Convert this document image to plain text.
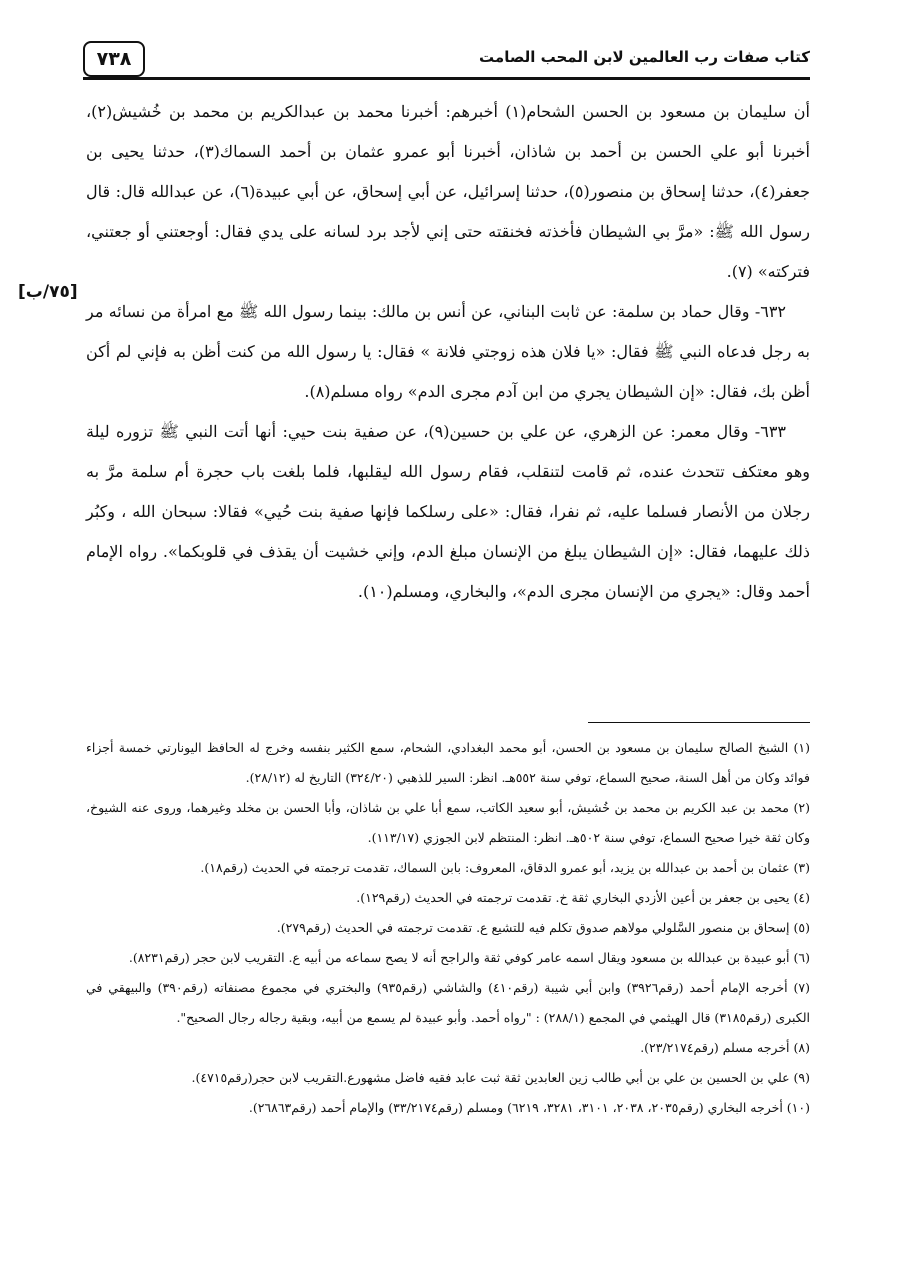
٧٣٨	كتاب صفات رب العالمين لابن المحب الصامت
[٧٥/ب]

أن سليمان بن مسعود بن الحسن الشحام(١) أخبرهم: أخبرنا محمد بن عبدالكريم بن محمد بن خُشيش(٢)، أخبرنا أبو علي الحسن بن أحمد بن شاذان، أخبرنا أبو عمرو عثمان بن أحمد السماك(٣)، حدثنا يحيى بن جعفر(٤)، حدثنا إسحاق بن منصور(٥)، حدثنا إسرائيل، عن أبي إسحاق، عن أبي عبيدة(٦)، عن عبدالله قال: قال رسول الله ﷺ: «مرَّ بي الشيطان فأخذته فخنقته حتى إني لأجد برد لسانه على يدي فقال: أوجعتني أو جعتني، فتركته» (٧).

٦٣٢- وقال حماد بن سلمة: عن ثابت البناني، عن أنس بن مالك: بينما رسول الله ﷺ مع امرأة من نسائه مر به رجل فدعاه النبي ﷺ فقال: «يا فلان هذه زوجتي فلانة » فقال: يا رسول الله من كنت أظن به فإني لم أكن أظن بك، فقال: «إن الشيطان يجري من ابن آدم مجرى الدم» رواه مسلم(٨).

٦٣٣- وقال معمر: عن الزهري، عن علي بن حسين(٩)، عن صفية بنت حيي: أنها أتت النبي ﷺ تزوره ليلة وهو معتكف تتحدث عنده، ثم قامت لتنقلب، فقام رسول الله ليقلبها، فلما بلغت باب حجرة أم سلمة مرَّ به رجلان من الأنصار فسلما عليه، ثم نفرا، فقال: «على رسلكما فإنها صفية بنت حُيي» فقالا: سبحان الله ، وكبُر ذلك عليهما، فقال: «إن الشيطان يبلغ من الإنسان مبلغ الدم، وإني خشيت أن يقذف في قلوبكما». رواه الإمام أحمد وقال: «يجري من الإنسان مجرى الدم»، والبخاري، ومسلم(١٠).

(١) الشيخ الصالح سليمان بن مسعود بن الحسن، أبو محمد البغدادي، الشحام، سمع الكثير بنفسه وخرج له الحافظ اليونارتي خمسة أجزاء فوائد وكان من أهل السنة، صحيح السماع، توفي سنة ٥٥٢هـ. انظر: السير للذهبي (٣٢٤/٢٠) التاريخ له (٢٨/١٢).

(٢) محمد بن عبد الكريم بن محمد بن خُشيش، أبو سعيد الكاتب، سمع أبا علي بن شاذان، وأبا الحسن بن مخلد وغيرهما، وروى عنه الشيوخ، وكان ثقة خيرا صحيح السماع، توفي سنة ٥٠٢هـ. انظر: المنتظم لابن الجوزي (١١٣/١٧).

(٣) عثمان بن أحمد بن عبدالله بن يزيد، أبو عمرو الدقاق، المعروف: بابن السماك، تقدمت ترجمته في الحديث (رقم١٨).

(٤) يحيى بن جعفر بن أعين الأزدي البخاري ثقة خ. تقدمت ترجمته في الحديث (رقم١٢٩).

(٥) إسحاق بن منصور السَّلولي مولاهم صدوق تكلم فيه للتشيع ع. تقدمت ترجمته في الحديث (رقم٢٧٩).

(٦) أبو عبيدة بن عبدالله بن مسعود ويقال اسمه عامر كوفي ثقة والراجح أنه لا يصح سماعه من أبيه ع. التقريب لابن حجر (رقم٨٢٣١).

(٧) أخرجه الإمام أحمد (رقم٣٩٢٦) وابن أبي شيبة (رقم٤١٠) والشاشي (رقم٩٣٥) والبختري في مجموع مصنفاته (رقم٣٩٠) والبيهقي في الكبرى (رقم٣١٨٥) قال الهيثمي في المجمع (٢٨٨/١) : "رواه أحمد. وأبو عبيدة لم يسمع من أبيه، وبقية رجاله رجال الصحيح".

(٨) أخرجه مسلم (رقم٢٣/٢١٧٤).

(٩) علي بن الحسين بن علي بن أبي طالب زين العابدين ثقة ثبت عابد فقيه فاضل مشهورع.التقريب لابن حجر(رقم٤٧١٥).

(١٠) أخرجه البخاري (رقم٢٠٣٥، ٢٠٣٨، ٣١٠١، ٣٢٨١، ٦٢١٩) ومسلم (رقم٣٣/٢١٧٤) والإمام أحمد (رقم٢٦٨٦٣).
